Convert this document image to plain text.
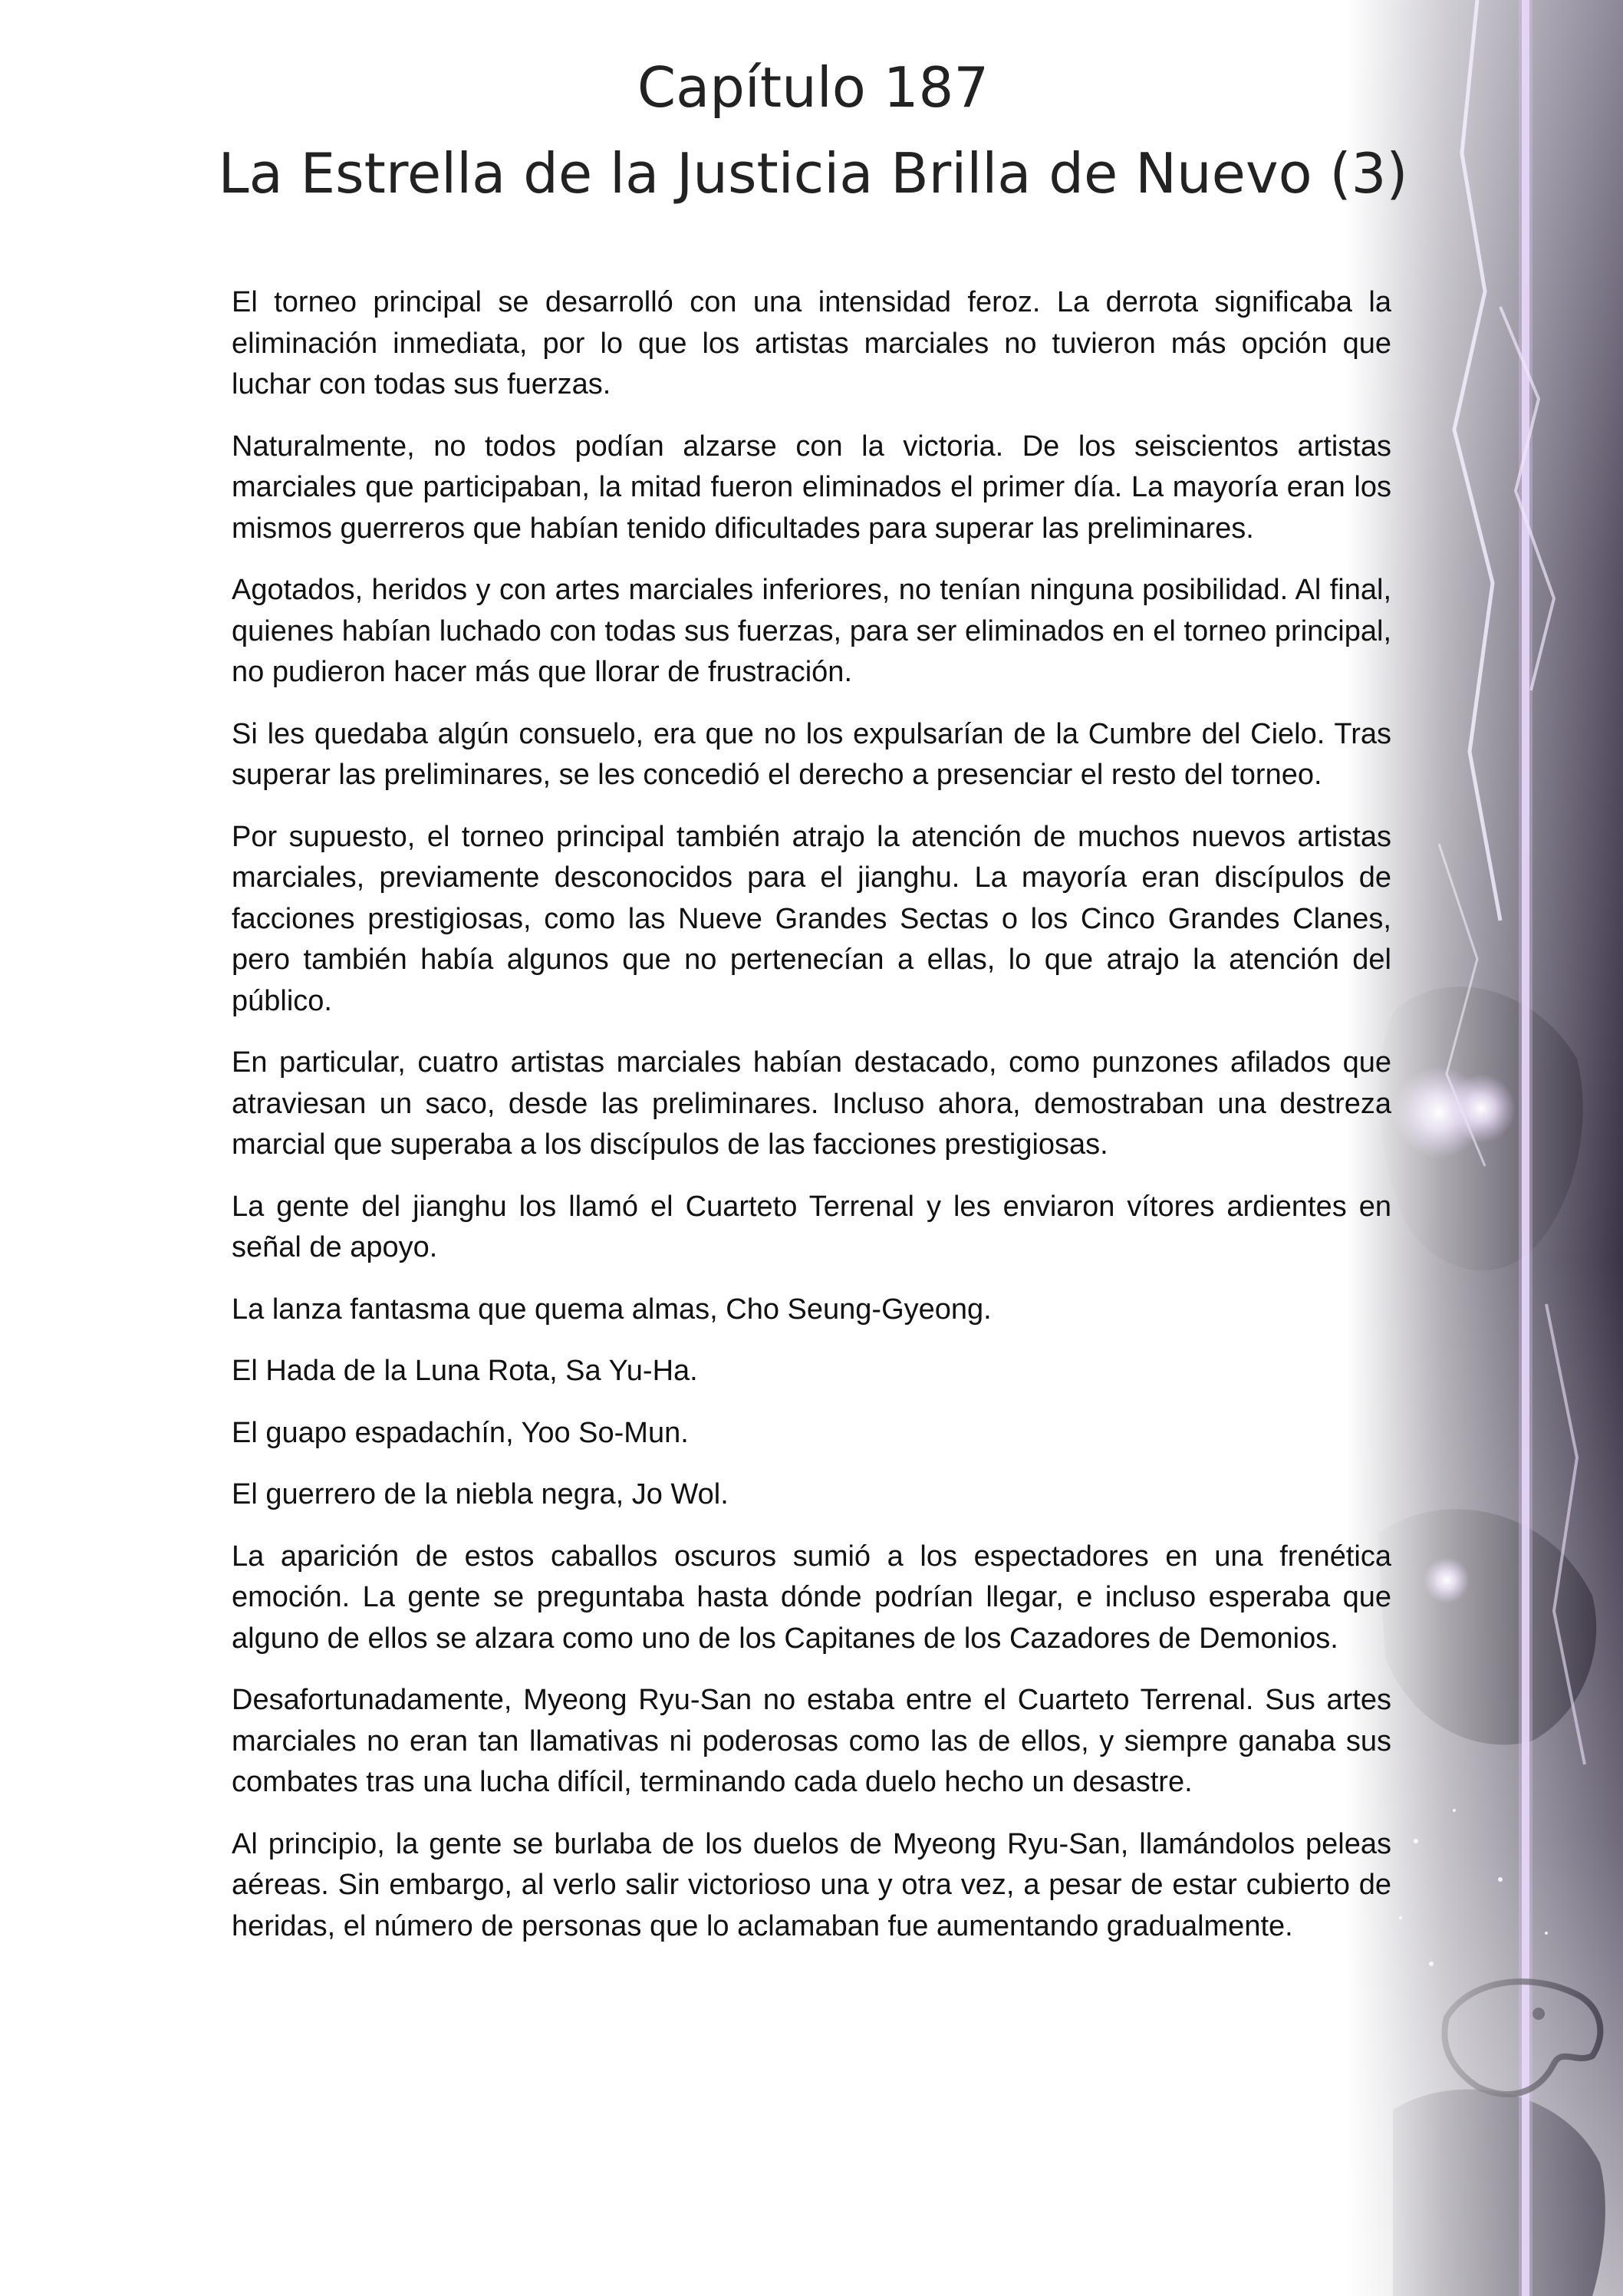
Capítulo 187
La Estrella de la Justicia Brilla de Nuevo (3)

El torneo principal se desarrolló con una intensidad feroz. La derrota significaba la eliminación inmediata, por lo que los artistas marciales no tuvieron más opción que luchar con todas sus fuerzas.

Naturalmente, no todos podían alzarse con la victoria. De los seiscientos artistas marciales que participaban, la mitad fueron eliminados el primer día. La mayoría eran los mismos guerreros que habían tenido dificultades para superar las preliminares.

Agotados, heridos y con artes marciales inferiores, no tenían ninguna posibilidad. Al final, quienes habían luchado con todas sus fuerzas, para ser eliminados en el torneo principal, no pudieron hacer más que llorar de frustración.

Si les quedaba algún consuelo, era que no los expulsarían de la Cumbre del Cielo. Tras superar las preliminares, se les concedió el derecho a presenciar el resto del torneo.

Por supuesto, el torneo principal también atrajo la atención de muchos nuevos artistas marciales, previamente desconocidos para el jianghu. La mayoría eran discípulos de facciones prestigiosas, como las Nueve Grandes Sectas o los Cinco Grandes Clanes, pero también había algunos que no pertenecían a ellas, lo que atrajo la atención del público.

En particular, cuatro artistas marciales habían destacado, como punzones afilados que atraviesan un saco, desde las preliminares. Incluso ahora, demostraban una destreza marcial que superaba a los discípulos de las facciones prestigiosas.

La gente del jianghu los llamó el Cuarteto Terrenal y les enviaron vítores ardientes en señal de apoyo.

La lanza fantasma que quema almas, Cho Seung-Gyeong.

El Hada de la Luna Rota, Sa Yu-Ha.

El guapo espadachín, Yoo So-Mun.

El guerrero de la niebla negra, Jo Wol.

La aparición de estos caballos oscuros sumió a los espectadores en una frenética emoción. La gente se preguntaba hasta dónde podrían llegar, e incluso esperaba que alguno de ellos se alzara como uno de los Capitanes de los Cazadores de Demonios.

Desafortunadamente, Myeong Ryu-San no estaba entre el Cuarteto Terrenal. Sus artes marciales no eran tan llamativas ni poderosas como las de ellos, y siempre ganaba sus combates tras una lucha difícil, terminando cada duelo hecho un desastre.

Al principio, la gente se burlaba de los duelos de Myeong Ryu-San, llamándolos peleas aéreas. Sin embargo, al verlo salir victorioso una y otra vez, a pesar de estar cubierto de heridas, el número de personas que lo aclamaban fue aumentando gradualmente.
